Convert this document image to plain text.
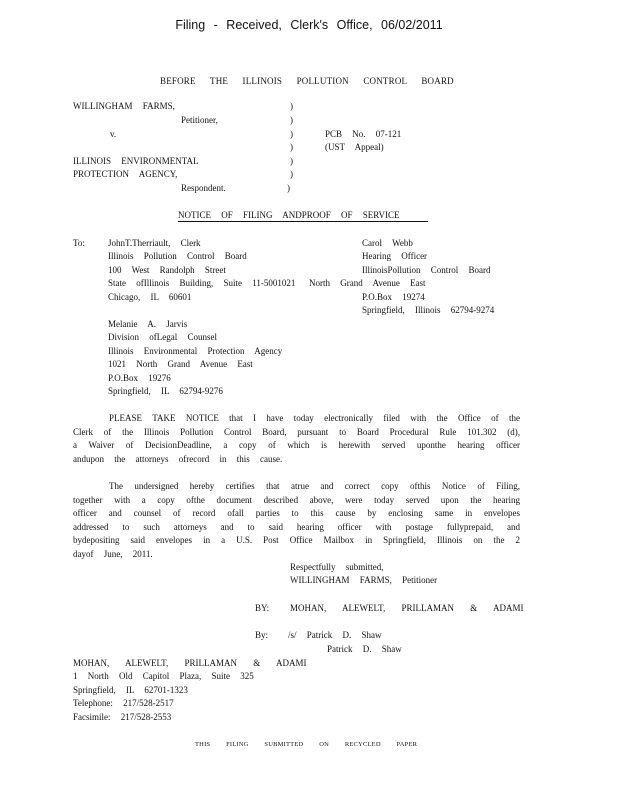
Filing - Received, Clerk's Office, 06/02/2011
BEFORE THE ILLINOIS POLLUTION CONTROL BOARD
WILLINGHAM FARMS,
Petitioner,
v.
ILLINOIS ENVIRONMENTAL
PROTECTION AGENCY,
Respondent.
)
)
)
)
)
)
)
PCB No. 07-121
(UST Appeal)
NOTICE OF FILING ANDPROOF OF SERVICE
To:	JohnT.Therriault, Clerk
Illinois Pollution Control Board
100 West Randolph Street
State ofIllinois Building, Suite 11-5001021 North Grand Avenue East
Chicago, IL 60601
Carol Webb
Hearing Officer
IllinoisPollution Control Board
P.O.Box 19274
Springfield, Illinois 62794-9274
Melanie A. Jarvis
Division ofLegal Counsel
Illinois Environmental Protection Agency
1021 North Grand Avenue East
P.O.Box 19276
Springfield, IL 62794-9276

PLEASE TAKE NOTICE that I have today electronically filed with the Office of the Clerk of the Illinois Pollution Control Board, pursuant to Board Procedural Rule 101.302 (d), a Waiver of DecisionDeadline, a copy of which is herewith served uponthe hearing officer andupon the attorneys ofrecord in this cause.

The undersigned hereby certifies that atrue and correct copy ofthis Notice of Filing, together with a copy ofthe document described above, were today served upon the hearing officer and counsel of record ofall parties to this cause by enclosing same in envelopes addressed to such attorneys and to said hearing officer with postage fullyprepaid, and bydepositing said envelopes in a U.S. Post Office Mailbox in Springfield, Illinois on the 2 dayof June, 2011.

Respectfully submitted,
WILLINGHAM FARMS, Petitioner
BY: MOHAN, ALEWELT, PRILLAMAN & ADAMI
By: /s/ Patrick D. Shaw
Patrick D. Shaw
MOHAN, ALEWELT, PRILLAMAN & ADAMI
1 North Old Capitol Plaza, Suite 325
Springfield, IL 62701-1323
Telephone: 217/528-2517
Facsimile: 217/528-2553
THIS FILING SUBMITTED ON RECYCLED PAPER
